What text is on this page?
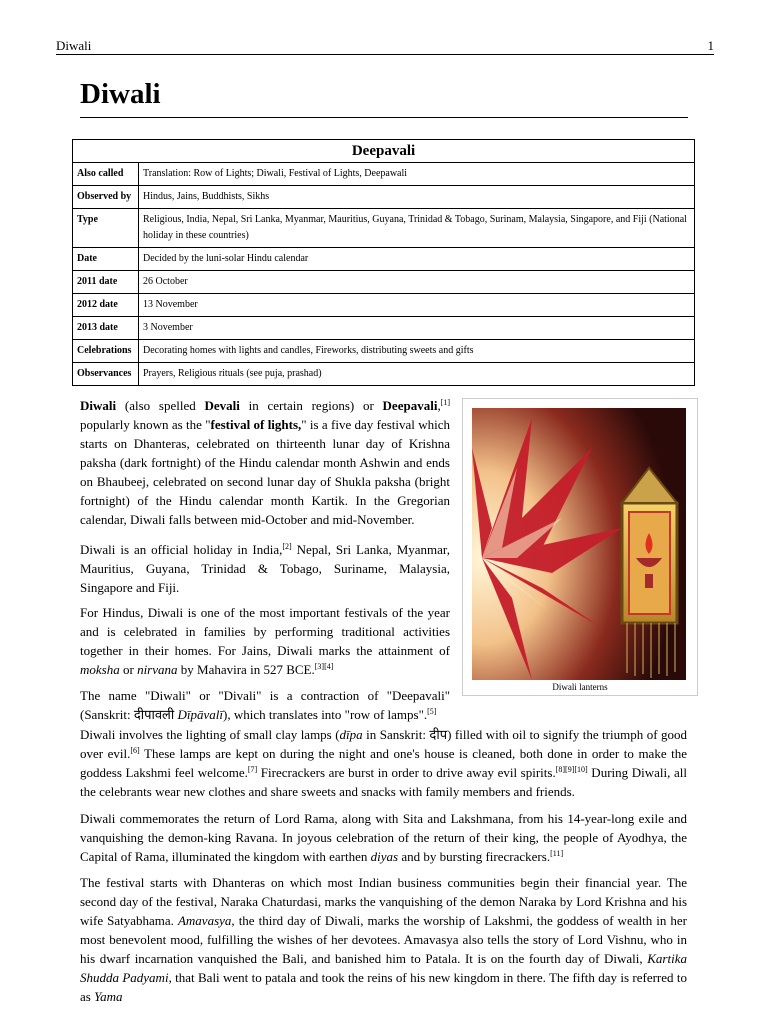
Diwali	1
Diwali
Deepavali
Also called	Translation: Row of Lights; Diwali, Festival of Lights, Deepawali
Observed by	Hindus, Jains, Buddhists, Sikhs
Type	Religious, India, Nepal, Sri Lanka, Myanmar, Mauritius, Guyana, Trinidad & Tobago, Surinam, Malaysia, Singapore, and Fiji (National holiday in these countries)
Date	Decided by the luni-solar Hindu calendar
2011 date	26 October
2012 date	13 November
2013 date	3 November
Celebrations	Decorating homes with lights and candles, Fireworks, distributing sweets and gifts
Observances	Prayers, Religious rituals (see puja, prashad)
Diwali lanterns

Diwali (also spelled Devali in certain regions) or Deepavali,[1] popularly known as the "festival of lights," is a five day festival which starts on Dhanteras, celebrated on thirteenth lunar day of Krishna paksha (dark fortnight) of the Hindu calendar month Ashwin and ends on Bhaubeej, celebrated on second lunar day of Shukla paksha (bright fortnight) of the Hindu calendar month Kartik. In the Gregorian calendar, Diwali falls between mid-October and mid-November.

Diwali is an official holiday in India,[2] Nepal, Sri Lanka, Myanmar, Mauritius, Guyana, Trinidad & Tobago, Suriname, Malaysia, Singapore and Fiji.

For Hindus, Diwali is one of the most important festivals of the year and is celebrated in families by performing traditional activities together in their homes. For Jains, Diwali marks the attainment of moksha or nirvana by Mahavira in 527 BCE.[3][4]

The name "Diwali" or "Divali" is a contraction of "Deepavali" (Sanskrit: दीपावली Dīpāvalī), which translates into "row of lamps".[5]

Diwali involves the lighting of small clay lamps (dīpa in Sanskrit: दीप) filled with oil to signify the triumph of good over evil.[6] These lamps are kept on during the night and one's house is cleaned, both done in order to make the goddess Lakshmi feel welcome.[7] Firecrackers are burst in order to drive away evil spirits.[8][9][10] During Diwali, all the celebrants wear new clothes and share sweets and snacks with family members and friends.

Diwali commemorates the return of Lord Rama, along with Sita and Lakshmana, from his 14-year-long exile and vanquishing the demon-king Ravana. In joyous celebration of the return of their king, the people of Ayodhya, the Capital of Rama, illuminated the kingdom with earthen diyas and by bursting firecrackers.[11]

The festival starts with Dhanteras on which most Indian business communities begin their financial year. The second day of the festival, Naraka Chaturdasi, marks the vanquishing of the demon Naraka by Lord Krishna and his wife Satyabhama. Amavasya, the third day of Diwali, marks the worship of Lakshmi, the goddess of wealth in her most benevolent mood, fulfilling the wishes of her devotees. Amavasya also tells the story of Lord Vishnu, who in his dwarf incarnation vanquished the Bali, and banished him to Patala. It is on the fourth day of Diwali, Kartika Shudda Padyami, that Bali went to patala and took the reins of his new kingdom in there. The fifth day is referred to as Yama
